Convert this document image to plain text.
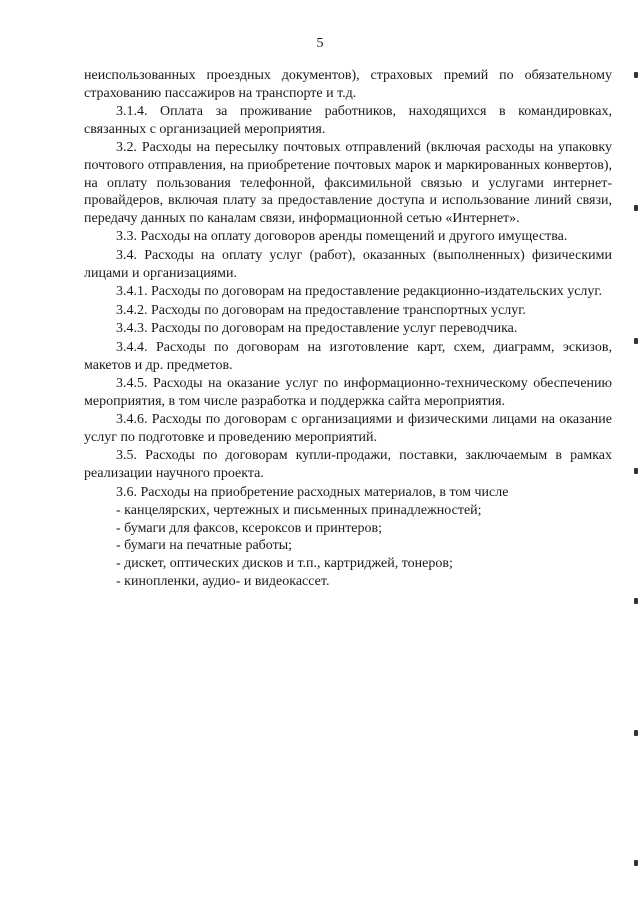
5

неиспользованных проездных документов), страховых премий по обязательному страхованию пассажиров на транспорте и т.д.

3.1.4. Оплата за проживание работников, находящихся в командировках, связанных с организацией мероприятия.

3.2. Расходы на пересылку почтовых отправлений (включая расходы на упаковку почтового отправления, на приобретение почтовых марок и маркированных конвертов), на оплату пользования телефонной, факсимильной связью и услугами интернет-провайдеров, включая плату за предоставление доступа и использование линий связи, передачу данных по каналам связи, информационной сетью «Интернет».

3.3. Расходы на оплату договоров аренды помещений и другого имущества.

3.4. Расходы на оплату услуг (работ), оказанных (выполненных) физическими лицами и организациями.

3.4.1. Расходы по договорам на предоставление редакционно-издательских услуг.

3.4.2. Расходы по договорам на предоставление транспортных услуг.

3.4.3. Расходы по договорам на предоставление услуг переводчика.

3.4.4. Расходы по договорам на изготовление карт, схем, диаграмм, эскизов, макетов и др. предметов.

3.4.5. Расходы на оказание услуг по информационно-техническому обеспечению мероприятия, в том числе разработка и поддержка сайта мероприятия.

3.4.6. Расходы по договорам с организациями и физическими лицами на оказание услуг по подготовке и проведению мероприятий.

3.5. Расходы по договорам купли-продажи, поставки, заключаемым в рамках реализации научного проекта.

3.6. Расходы на приобретение расходных материалов, в том числе

- канцелярских, чертежных и письменных принадлежностей;

- бумаги для факсов, ксероксов и принтеров;

- бумаги на печатные работы;

- дискет, оптических дисков и т.п., картриджей, тонеров;

- кинопленки, аудио- и видеокассет.
